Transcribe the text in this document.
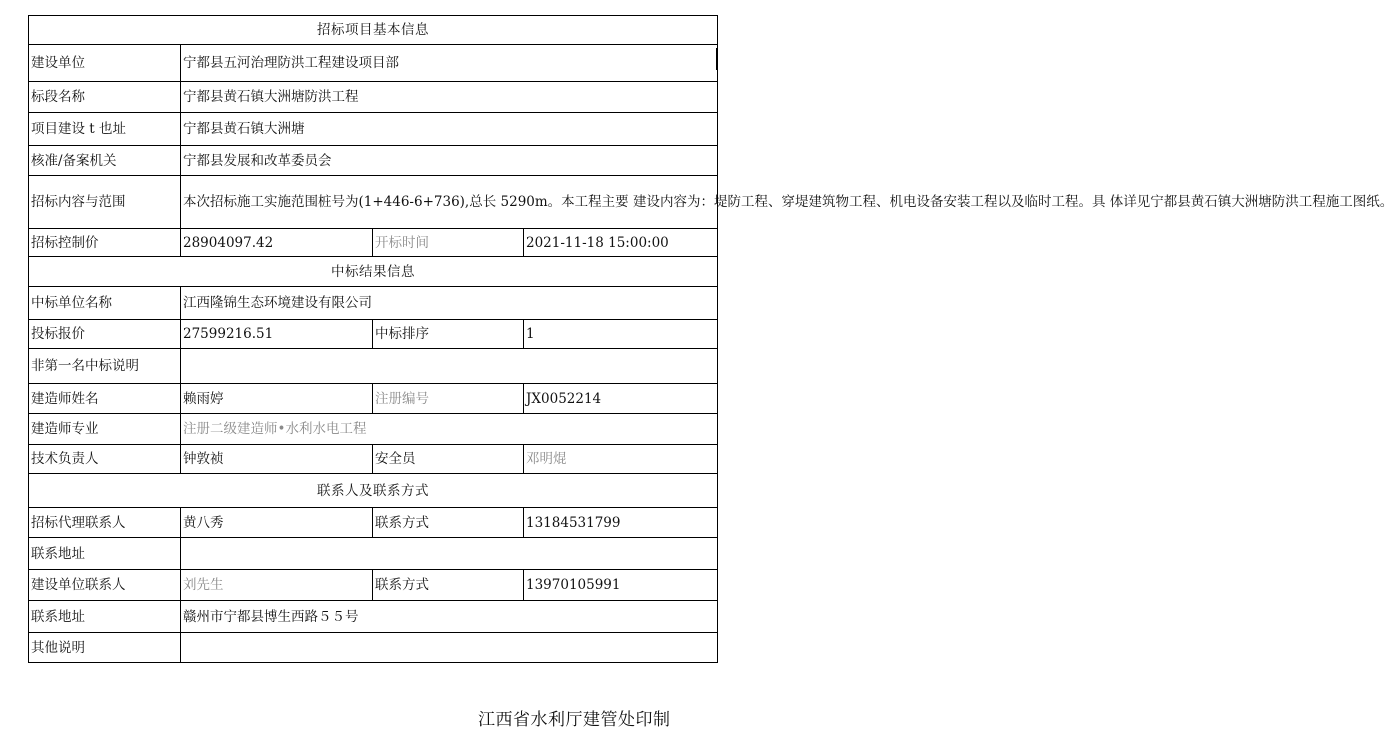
招标项目基本信息			
建设单位	宁都县五河治理防洪工程建设项目部		
标段名称	宁都县黄石镇大洲塘防洪工程		
项目建设 t 也址	宁都县黄石镇大洲塘		
核准/备案机关	宁都县发展和改革委员会		
招标内容与范围	本次招标施工实施范围桩号为(1+446-6+736),总长 5290m。本工程主要 建设内容为：堤防工程、穿堤建筑物工程、机电设备安装工程以及临时工程。具 体详见宁都县黄石镇大洲塘防洪工程施工图纸。		
招标控制价	28904097.42	开标时间	2021-11-18 15:00:00
中标结果信息			
中标单位名称	江西隆锦生态环境建设有限公司		
投标报价	27599216.51	中标排序	1
非第一名中标说明			
建造师姓名	赖雨婷	注册编号	JX0052214
建造师专业	注册二级建造师•水利水电工程		
技术负责人	钟敦祯	安全员	邓明焜
联系人及联系方式			
招标代理联系人	黄八秀	联系方式	13184531799
联系地址			
建设单位联系人	刘先生	联系方式	13970105991
联系地址	赣州市宁都县博生西路５５号		
其他说明			
江西省水利厅建管处印制
